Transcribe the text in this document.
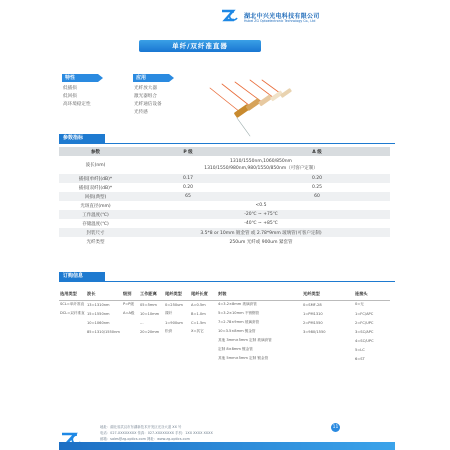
湖北中兴光电科技有限公司
Hubei ZG Optoelectronic Technology Co., Ltd
单纤/双纤准直器
特性
低插损
低回损
高环境稳定性
应用
光纤放大器
激光器组合
光纤通信设备
光传感
参数指标
参数	P 级	A 级
波长(nm)	1310/1550nm,1060/850nm
1310/1550/980nm,980/1550/850nm（可客户定制）	

插损[单纤](dB)*	0.17	0.20
插损[双纤](dB)*	0.20	0.25
回损(典型)	65	60
光斑直径(mm)	<0.5	
工作温度(℃)	-20℃ ~ +75℃	
存储温度(℃)	-40℃ ~ +85℃	
封装尺寸	3.5*8 or 10mm 镀金管 或 2.78*9mm 玻璃管(可客户定制)	
光纤类型	250um 光纤或 900um 紧套管	
订购信息
选用类型	波长	级别	工作距离	尾纤类型	尾纤长度	封装	光纤类型	连接头
SCL=单纤准直	13=1310nm	P=P级	05=5mm	0=250um	A=0.5m	4=3.2×8mm 玻璃套管	0=SMF-28	0=无
DCL=双纤准直	15=1550nm	A=A级	10=10mm	裸纤	B=1.0m	5=3.2×10mm 不锈钢管	1=PM1310	1=FC/APC
	10=1060nm		…	1=900um	C=1.5m	7=2.78×9mm 玻璃套管	2=PM1550	2=FC/UPC
	85=1310/1550nm		20=20mm	松套	X=其它	10=3.5×8mm 镀金管	3=980/1550	3=SC/APC
						其他 3mm×5mm 定制 玻璃套管		4=SC/UPC
						定制 8×8mm 镀金管		5=LC
						其他 5mm×5mm 定制 镀金管		6=ST
11
地址：湖北省武汉市东湖新技术开发区光谷大道 XX 号
电话：027-XXXXXXXX 传真：027-XXXXXXXX 手机：1XX XXXX XXXX
邮箱：sales@zg-optics.com 网址：www.zg-optics.com
